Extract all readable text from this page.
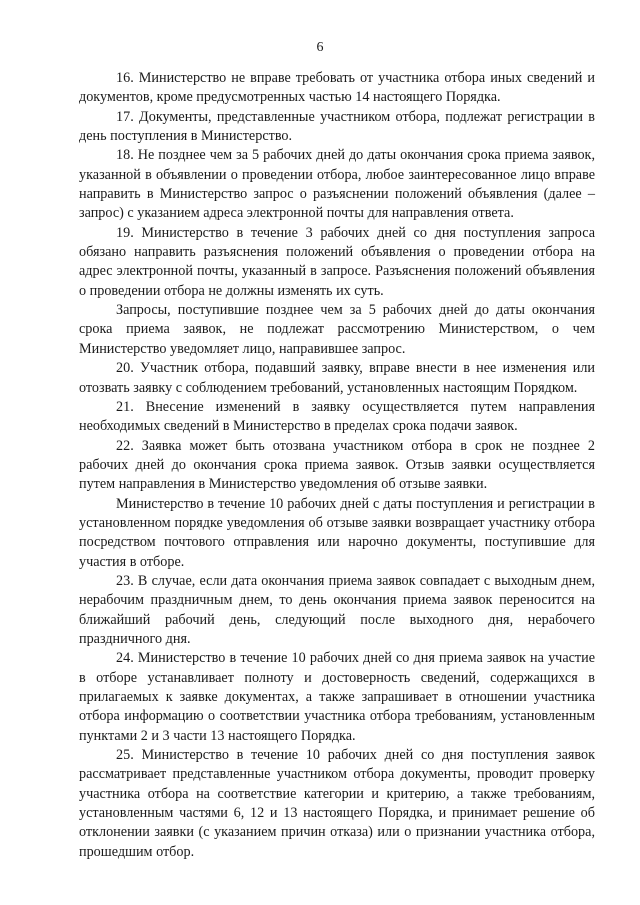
6

16. Министерство не вправе требовать от участника отбора иных сведений и документов, кроме предусмотренных частью 14 настоящего Порядка.

17. Документы, представленные участником отбора, подлежат регистрации в день поступления в Министерство.

18. Не позднее чем за 5 рабочих дней до даты окончания срока приема заявок, указанной в объявлении о проведении отбора, любое заинтересованное лицо вправе направить в Министерство запрос о разъяснении положений объявления (далее – запрос) с указанием адреса электронной почты для направления ответа.

19. Министерство в течение 3 рабочих дней со дня поступления запроса обязано направить разъяснения положений объявления о проведении отбора на адрес электронной почты, указанный в запросе. Разъяснения положений объявления о проведении отбора не должны изменять их суть.

Запросы, поступившие позднее чем за 5 рабочих дней до даты окончания срока приема заявок, не подлежат рассмотрению Министерством, о чем Министерство уведомляет лицо, направившее запрос.

20. Участник отбора, подавший заявку, вправе внести в нее изменения или отозвать заявку с соблюдением требований, установленных настоящим Порядком.

21. Внесение изменений в заявку осуществляется путем направления необходимых сведений в Министерство в пределах срока подачи заявок.

22. Заявка может быть отозвана участником отбора в срок не позднее 2 рабочих дней до окончания срока приема заявок. Отзыв заявки осуществляется путем направления в Министерство уведомления об отзыве заявки.

Министерство в течение 10 рабочих дней с даты поступления и регистрации в установленном порядке уведомления об отзыве заявки возвращает участнику отбора посредством почтового отправления или нарочно документы, поступившие для участия в отборе.

23. В случае, если дата окончания приема заявок совпадает с выходным днем, нерабочим праздничным днем, то день окончания приема заявок переносится на ближайший рабочий день, следующий после выходного дня, нерабочего праздничного дня.

24. Министерство в течение 10 рабочих дней со дня приема заявок на участие в отборе устанавливает полноту и достоверность сведений, содержащихся в прилагаемых к заявке документах, а также запрашивает в отношении участника отбора информацию о соответствии участника отбора требованиям, установленным пунктами 2 и 3 части 13 настоящего Порядка.

25. Министерство в течение 10 рабочих дней со дня поступления заявок рассматривает представленные участником отбора документы, проводит проверку участника отбора на соответствие категории и критерию, а также требованиям, установленным частями 6, 12 и 13 настоящего Порядка, и принимает решение об отклонении заявки (с указанием причин отказа) или о признании участника отбора, прошедшим отбор.
